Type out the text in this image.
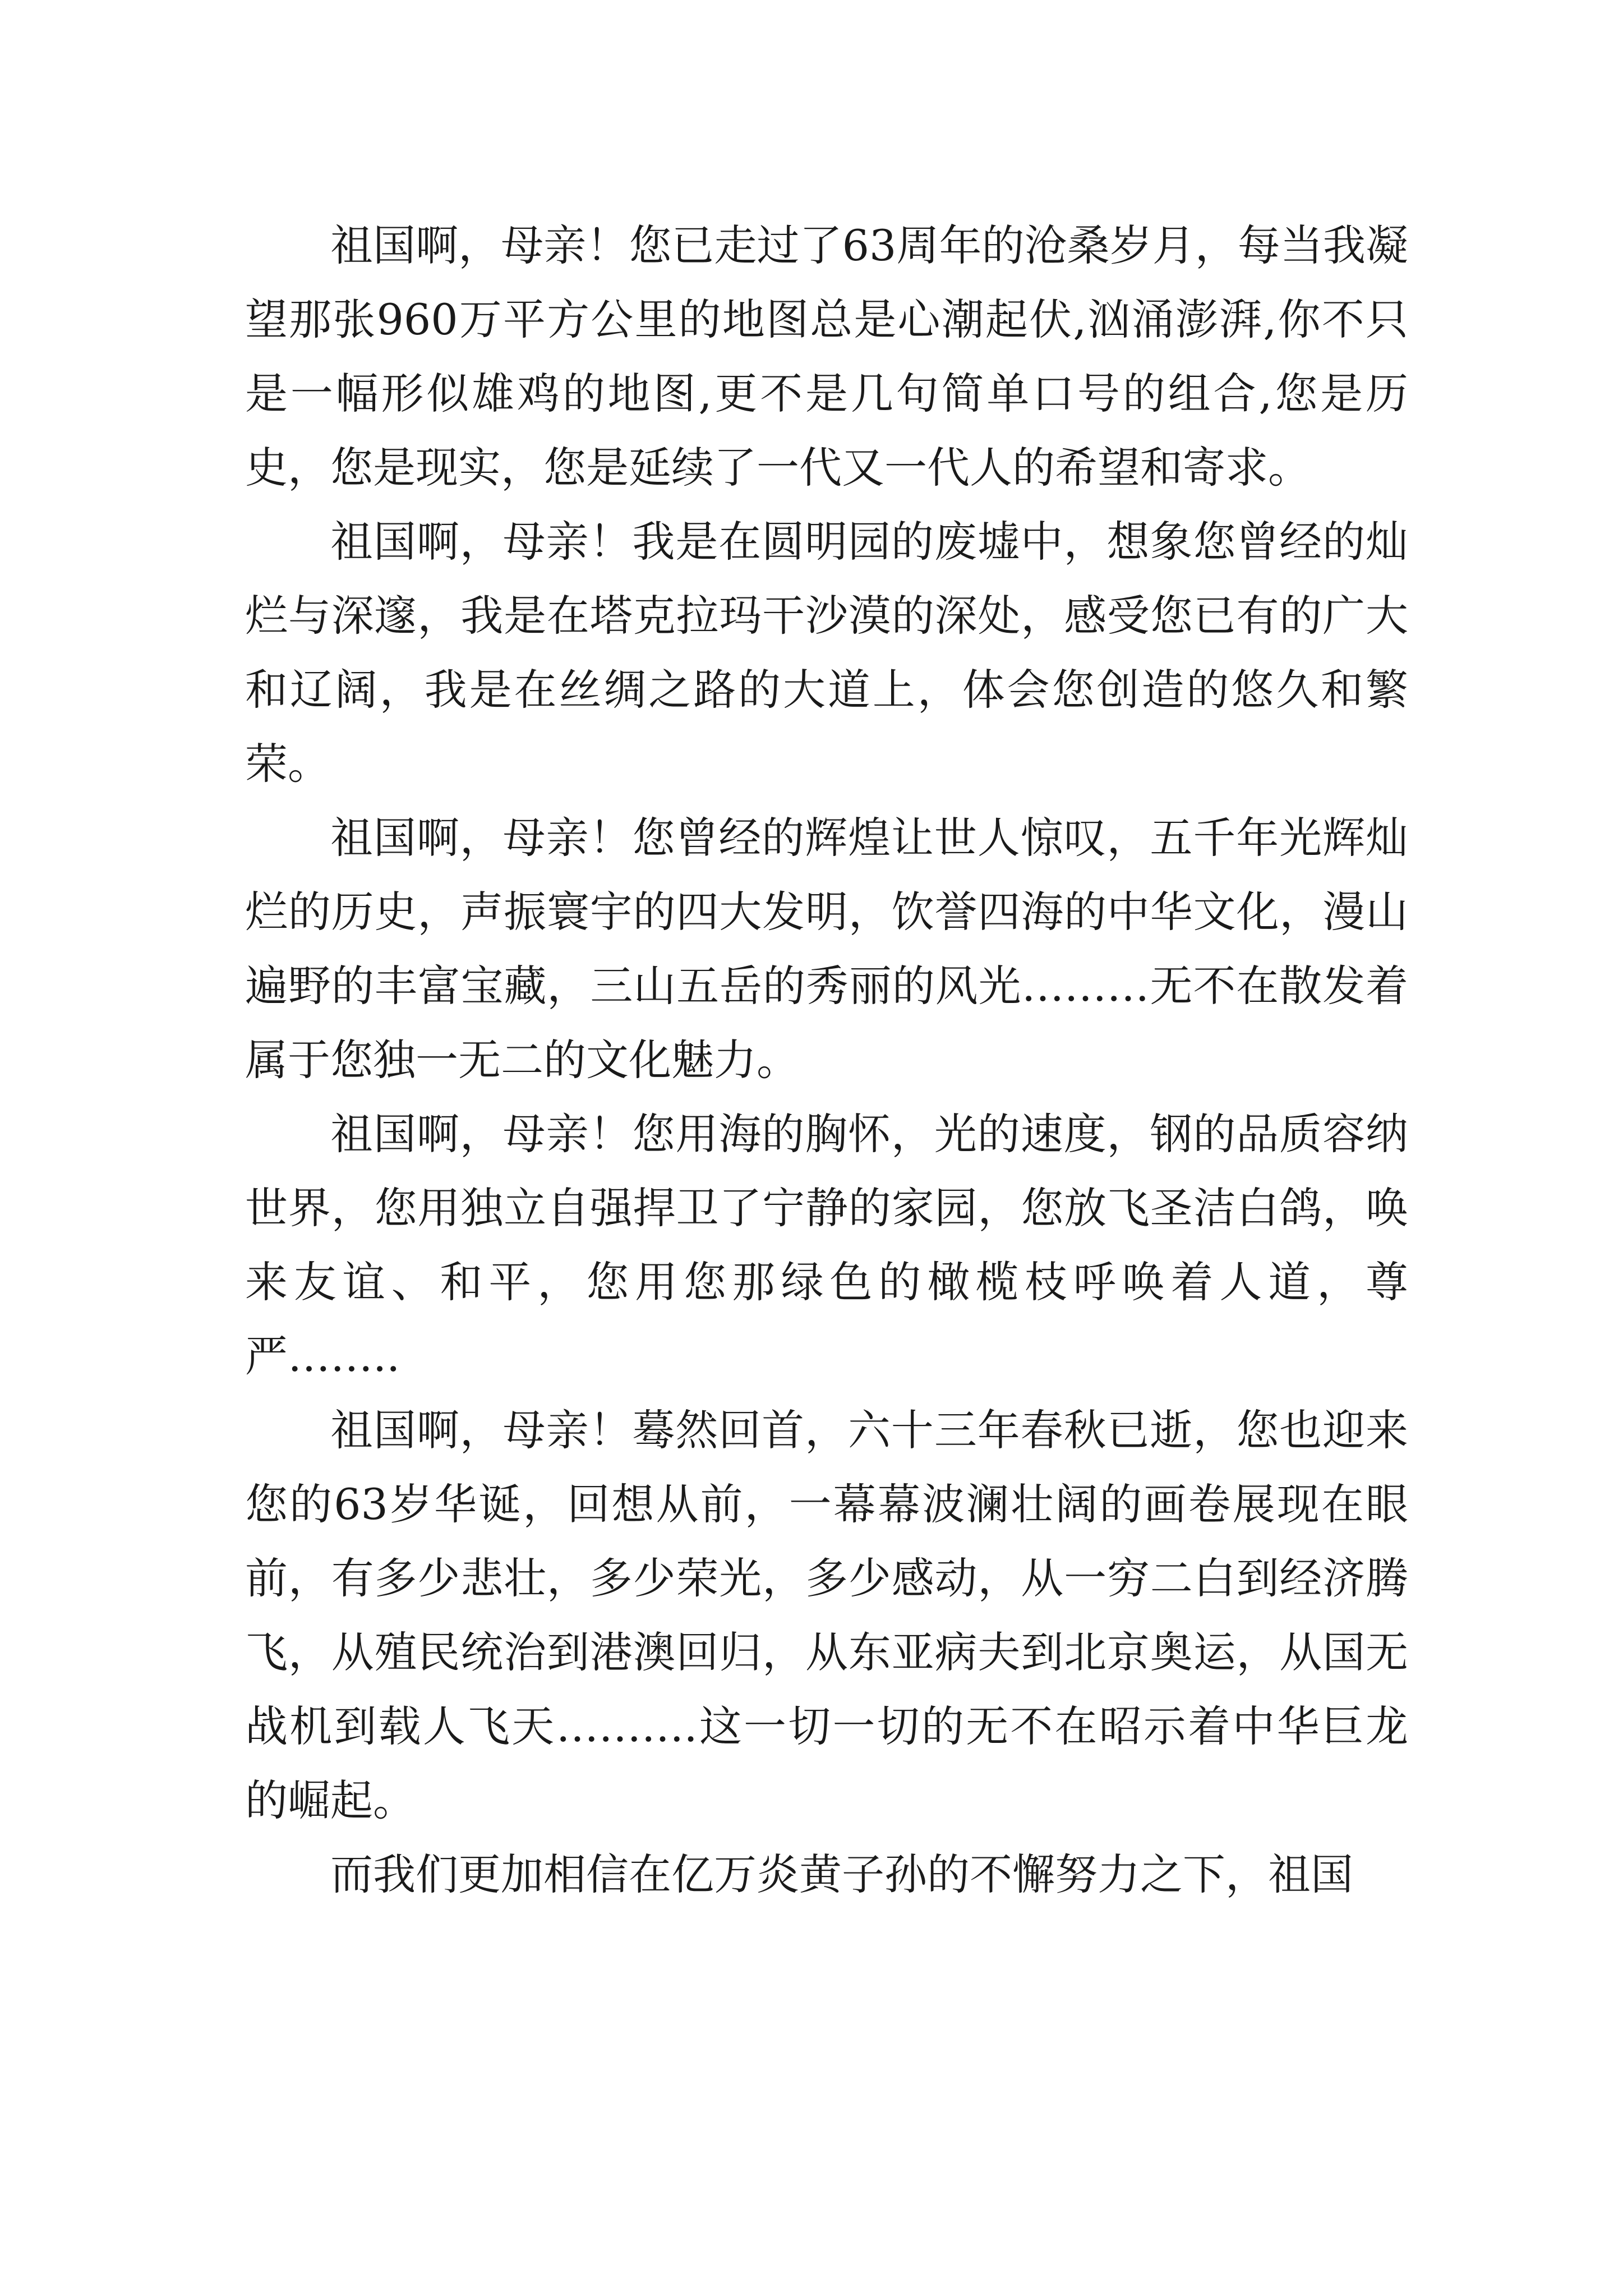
祖国啊，母亲！您已走过了63周年的沧桑岁月，每当我凝望那张960万平方公里的地图总是心潮起伏,汹涌澎湃,你不只是一幅形似雄鸡的地图,更不是几句简单口号的组合,您是历史，您是现实，您是延续了一代又一代人的希望和寄求。

祖国啊，母亲！我是在圆明园的废墟中，想象您曾经的灿烂与深邃，我是在塔克拉玛干沙漠的深处，感受您已有的广大和辽阔，我是在丝绸之路的大道上，体会您创造的悠久和繁荣。

祖国啊，母亲！您曾经的辉煌让世人惊叹，五千年光辉灿烂的历史，声振寰宇的四大发明，饮誉四海的中华文化，漫山遍野的丰富宝藏，三山五岳的秀丽的风光………无不在散发着属于您独一无二的文化魅力。

祖国啊，母亲！您用海的胸怀，光的速度，钢的品质容纳世界，您用独立自强捍卫了宁静的家园，您放飞圣洁白鸽，唤来友谊、和平，您用您那绿色的橄榄枝呼唤着人道，尊严……..

祖国啊，母亲！蓦然回首，六十三年春秋已逝，您也迎来您的63岁华诞，回想从前，一幕幕波澜壮阔的画卷展现在眼前，有多少悲壮，多少荣光，多少感动，从一穷二白到经济腾飞，从殖民统治到港澳回归，从东亚病夫到北京奥运，从国无战机到载人飞天……….这一切一切的无不在昭示着中华巨龙的崛起。

而我们更加相信在亿万炎黄子孙的不懈努力之下，祖国
